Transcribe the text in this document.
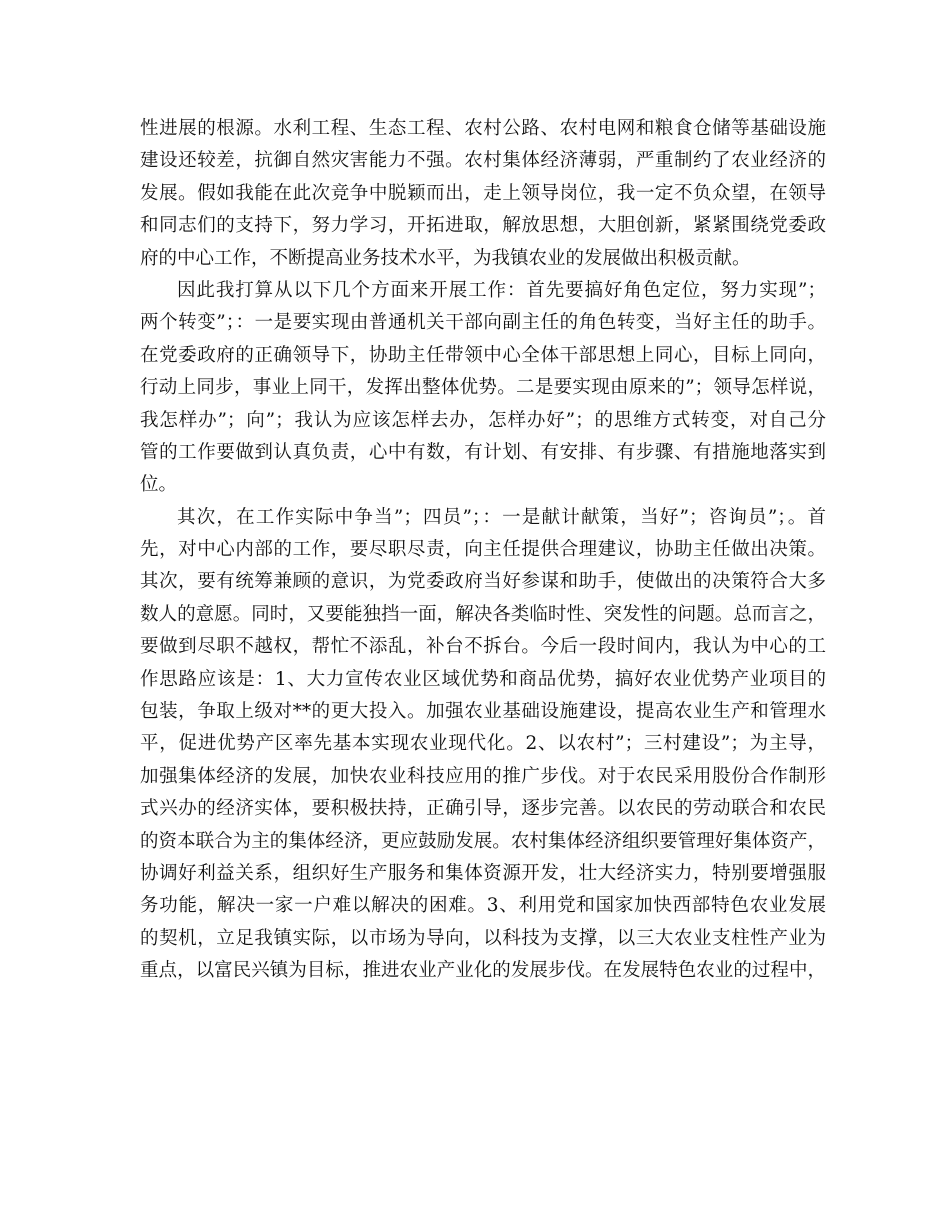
性进展的根源。水利工程、生态工程、农村公路、农村电网和粮食仓储等基础设施
建设还较差，抗御自然灾害能力不强。农村集体经济薄弱，严重制约了农业经济的
发展。假如我能在此次竞争中脱颖而出，走上领导岗位，我一定不负众望，在领导
和同志们的支持下，努力学习，开拓进取，解放思想，大胆创新，紧紧围绕党委政
府的中心工作，不断提高业务技术水平，为我镇农业的发展做出积极贡献。
因此我打算从以下几个方面来开展工作：首先要搞好角色定位，努力实现”；
两个转变”；：一是要实现由普通机关干部向副主任的角色转变，当好主任的助手。
在党委政府的正确领导下，协助主任带领中心全体干部思想上同心，目标上同向，
行动上同步，事业上同干，发挥出整体优势。二是要实现由原来的”；领导怎样说，
我怎样办”；向”；我认为应该怎样去办，怎样办好”；的思维方式转变，对自己分
管的工作要做到认真负责，心中有数，有计划、有安排、有步骤、有措施地落实到
位。
其次，在工作实际中争当”；四员”；：一是献计献策，当好”；咨询员”；。首
先，对中心内部的工作，要尽职尽责，向主任提供合理建议，协助主任做出决策。
其次，要有统筹兼顾的意识，为党委政府当好参谋和助手，使做出的决策符合大多
数人的意愿。同时，又要能独挡一面，解决各类临时性、突发性的问题。总而言之，
要做到尽职不越权，帮忙不添乱，补台不拆台。今后一段时间内，我认为中心的工
作思路应该是：1、大力宣传农业区域优势和商品优势，搞好农业优势产业项目的
包装，争取上级对**的更大投入。加强农业基础设施建设，提高农业生产和管理水
平，促进优势产区率先基本实现农业现代化。2、以农村”；三村建设”；为主导，
加强集体经济的发展，加快农业科技应用的推广步伐。对于农民采用股份合作制形
式兴办的经济实体，要积极扶持，正确引导，逐步完善。以农民的劳动联合和农民
的资本联合为主的集体经济，更应鼓励发展。农村集体经济组织要管理好集体资产，
协调好利益关系，组织好生产服务和集体资源开发，壮大经济实力，特别要增强服
务功能，解决一家一户难以解决的困难。3、利用党和国家加快西部特色农业发展
的契机，立足我镇实际，以市场为导向，以科技为支撑，以三大农业支柱性产业为
重点，以富民兴镇为目标，推进农业产业化的发展步伐。在发展特色农业的过程中，
